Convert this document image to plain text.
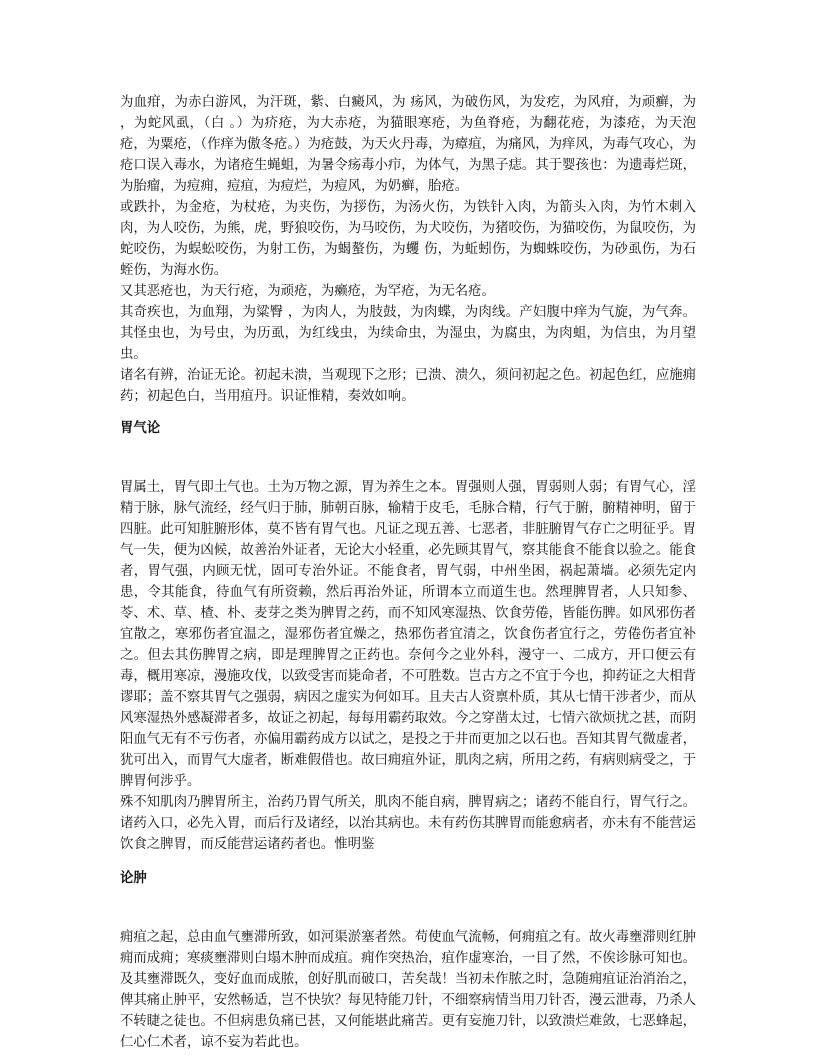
为血疳，为赤白游风，为汗斑，紫、白癜风，为 疡风，为破伤风，为发疙，为风疳，为顽癣，为 ，为蛇风虱，（白 。）为疥疮，为大赤疮，为猫眼寒疮，为鱼脊疮，为翻花疮，为漆疮，为天泡疮，为粟疮，（作痒为傲冬疮。）为疮鼓，为天火丹毒，为瘴疽，为痛风，为痒风，为毒气攻心，为疮口误入毒水，为诸疮生蝇蛆，为暑令疡毒小疖，为体气，为黑子痣。其于婴孩也：为遗毒烂斑，为胎瘤，为痘痈，痘疽，为痘烂，为痘风，为奶癣，胎疮。

或跌扑，为金疮，为杖疮，为夹伤，为拶伤，为汤火伤，为铁针入肉，为箭头入肉，为竹木刺入肉，为人咬伤，为熊，虎，野狼咬伤，为马咬伤，为犬咬伤，为猪咬伤，为猫咬伤，为鼠咬伤，为蛇咬伤，为蜈蚣咬伤，为射工伤，为蝎螯伤，为蠼 伤，为蚯蚓伤，为蜘蛛咬伤，为砂虱伤，为石蛭伤，为海水伤。

又其恶疮也，为天行疮，为顽疮，为癞疮，为罕疮，为无名疮。

其奇疾也，为血翔，为粱臀 ，为肉人，为肢鼓，为肉蝶，为肉线。产妇腹中痒为气旋，为气奔。其怪虫也，为号虫，为历虱，为红线虫，为续命虫，为湿虫，为腐虫，为肉蛆，为信虫，为月望虫。

诸名有辨，治证无论。初起未溃，当观现下之形；已溃、溃久，须问初起之色。初起色红，应施痈药；初起色白，当用疽丹。识证惟精，奏效如响。

胃气论

胃属土，胃气即土气也。土为万物之源，胃为养生之本。胃强则人强，胃弱则人弱；有胃气心，淫精于脉，脉气流经，经气归于肺，肺朝百脉，输精于皮毛，毛脉合精，行气于腑，腑精神明，留于四脏。此可知脏腑形体，莫不皆有胃气也。凡证之现五善、七恶者，非脏腑胃气存亡之明征乎。胃气一失，便为凶候，故善治外证者，无论大小轻重，必先顾其胃气，察其能食不能食以验之。能食者，胃气强，内顾无忧，固可专治外证。不能食者，胃气弱，中州坐困，祸起萧墙。必须先定内患，令其能食，待血气有所资赖，然后再治外证，所谓本立而道生也。然理脾胃者，人只知参、苓、术、草、楂、朴、麦芽之类为脾胃之药，而不知风寒湿热、饮食劳倦，皆能伤脾。如风邪伤者宜散之，寒邪伤者宜温之，湿邪伤者宜燥之，热邪伤者宜清之，饮食伤者宜行之，劳倦伤者宜补之。但去其伤脾胃之病，即是理脾胃之正药也。奈何今之业外科，漫守一、二成方，开口便云有毒，概用寒凉，漫施攻伐，以致受害而毙命者，不可胜数。岂古方之不宜于今也，抑药证之大相背谬耶；盖不察其胃气之强弱，病因之虚实为何如耳。且夫古人资禀朴质，其从七情干涉者少，而从风寒湿热外感凝滞者多，故证之初起，每每用霸药取效。今之穿凿太过，七情六欲烦扰之甚，而阴阳血气无有不亏伤者，亦偏用霸药成方以试之，是投之于井而更加之以石也。吾知其胃气微虚者，犹可出入，而胃气大虚者，断难假借也。故曰痈疽外证，肌肉之病，所用之药，有病则病受之，于脾胃何涉乎。

殊不知肌肉乃脾胃所主，治药乃胃气所关，肌肉不能自病，脾胃病之；诸药不能自行，胃气行之。诸药入口，必先入胃，而后行及诸经，以治其病也。未有药伤其脾胃而能愈病者，亦未有不能营运饮食之脾胃，而反能营运诸药者也。惟明鉴

论肿

痈疽之起，总由血气壅滞所致，如河渠淤塞者然。苟使血气流畅，何痈疽之有。故火毒壅滞则红肿 痈而成痈；寒痰壅滞则白塌木肿而成疽。痈作突热治，疽作虚寒治，一目了然，不俟诊脉可知也。及其壅滞既久，变好血而成脓，创好肌而破口，苦矣哉！当初未作脓之时，急随痈疽证治消治之，俾其痛止肿平，安然畅适，岂不快欤？每见特能刀针，不细察病情当用刀针否，漫云泄毒，乃杀人不转睫之徒也。不但病患负痛已甚，又何能堪此痛苦。更有妄施刀针，以致溃烂难敛，七恶蜂起，仁心仁术者，谅不妄为若此也。
